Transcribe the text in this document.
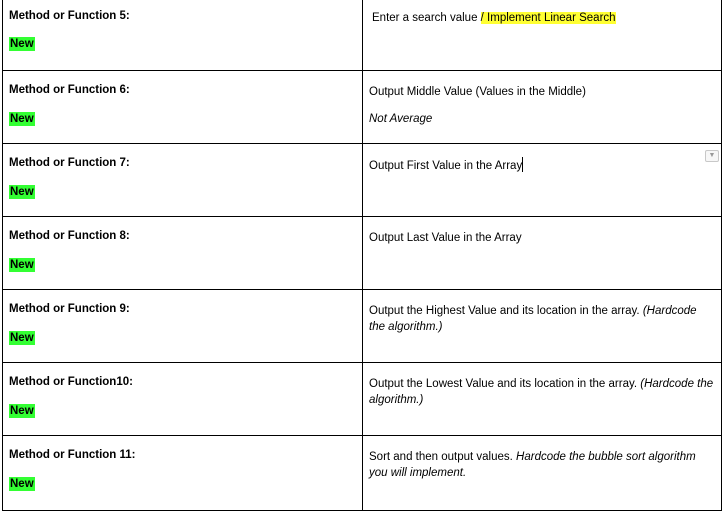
Method or Function 5:
New
Enter a search value / Implement Linear Search
Method or Function 6:
New
Output Middle Value (Values in the Middle)
Not Average
Method or Function 7:
New
Output First Value in the Array
▼
Method or Function 8:
New
Output Last Value in the Array
Method or Function 9:
New
Output the Highest Value and its location in the array. (Hardcode the algorithm.)
Method or Function10:
New
Output the Lowest Value and its location in the array. (Hardcode the algorithm.)
Method or Function 11:
New
Sort and then output values. Hardcode the bubble sort algorithm you will implement.
